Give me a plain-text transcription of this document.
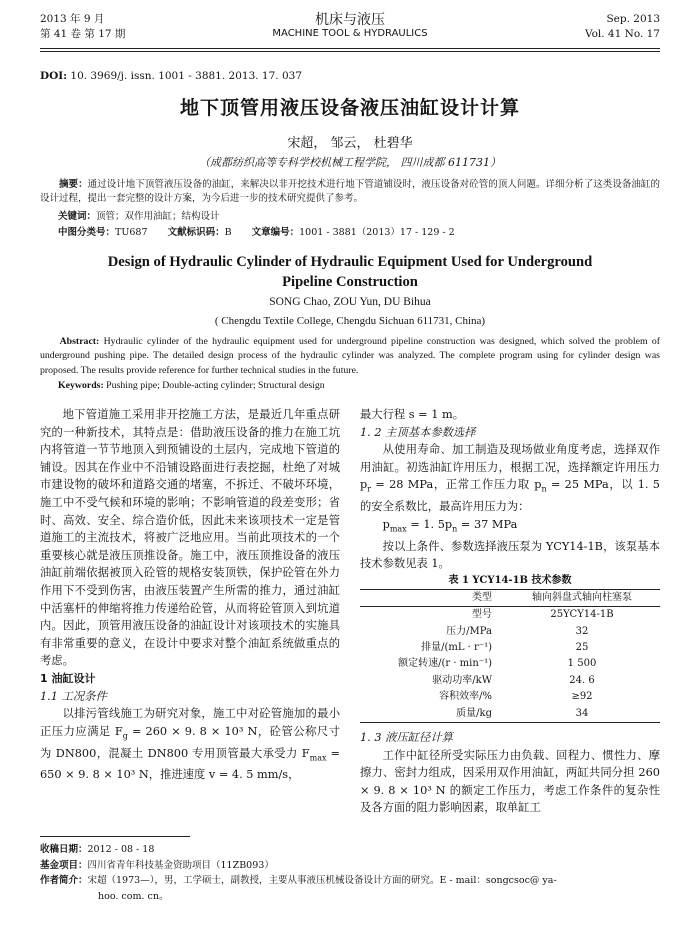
2013 年 9 月
第 41 卷 第 17 期
机床与液压
MACHINE TOOL & HYDRAULICS
Sep. 2013
Vol. 41 No. 17
DOI: 10. 3969/j. issn. 1001 - 3881. 2013. 17. 037
地下顶管用液压设备液压油缸设计计算
宋超， 邹云， 杜碧华
（成都纺织高等专科学校机械工程学院， 四川成都 611731）
摘要：通过设计地下顶管液压设备的油缸，来解决以非开挖技术进行地下管道铺设时，液压设备对砼管的顶人问题。详细分析了这类设备油缸的设计过程，提出一套完整的设计方案，为今后进一步的技术研究提供了参考。
关键词：顶管；双作用油缸；结构设计
中图分类号：TU687 文献标识码：B 文章编号：1001 - 3881（2013）17 - 129 - 2
Design of Hydraulic Cylinder of Hydraulic Equipment Used for Underground
Pipeline Construction
SONG Chao, ZOU Yun, DU Bihua
( Chengdu Textile College, Chengdu Sichuan 611731, China)
Abstract: Hydraulic cylinder of the hydraulic equipment used for underground pipeline construction was designed, which solved the problem of underground pushing pipe. The detailed design process of the hydraulic cylinder was analyzed. The complete program using for cylinder design was proposed. The results provide reference for further technical studies in the future.
Keywords: Pushing pipe; Double-acting cylinder; Structural design

地下管道施工采用非开挖施工方法，是最近几年重点研究的一种新技术，其特点是：借助液压设备的推力在施工坑内将管道一节节地顶入到预铺设的土层内，完成地下管道的铺设。因其在作业中不沿铺设路面进行表挖掘，杜绝了对城市建设物的破坏和道路交通的堵塞，不拆迁、不破坏环境，施工中不受气候和环境的影响；不影响管道的段差变形；省时、高效、安全、综合造价低，因此未来该项技术一定是管道施工的主流技术，将被广泛地应用。当前此项技术的一个重要核心就是液压顶推设备。施工中，液压顶推设备的液压油缸前端依据被顶入砼管的规格安装顶铁，保护砼管在外力作用下不受到伤害，由液压装置产生所需的推力，通过油缸中活塞杆的伸缩将推力传递给砼管，从而将砼管顶入到坑道内。因此，顶管用液压设备的油缸设计对该项技术的实施具有非常重要的意义，在设计中要求对整个油缸系统做重点的考虑。

1 油缸设计

1.1 工况条件

以排污管线施工为研究对象，施工中对砼管施加的最小正压力应满足 $F_g = 260 \times 9$. 8 × 10³ N，砼管公称尺寸为 DN800，混凝土 DN800 专用顶管最大承受力 $F_{max} = 650 \times 9$. 8 × 10³ N，推进速度 v = 4. 5 mm/s，

最大行程 s = 1 m。

1. 2 主顶基本参数选择

从使用寿命、加工制造及现场做业角度考虑，选择双作用油缸。初选油缸许用压力，根据工况，选择额定许用压力 $p_r = 28$ MPa，正常工作压力取 $p_n = 25$ MPa，以 1. 5 的安全系数比，最高许用压力为：

$p_{max} = 1$. $5p_n = 37$ MPa

按以上条件、参数选择液压泵为 YCY14-1B，该泵基本技术参数见表 1。

表 1 YCY14-1B 技术参数
类型	轴向斜盘式轴向柱塞泵
型号	25YCY14-1B
压力/MPa	32
排量/(mL · r⁻¹)	25
额定转速/(r · min⁻¹)	1 500
驱动功率/kW	24. 6
容积效率/%	≥92
质量/kg	34

1. 3 液压缸径计算

工作中缸径所受实际压力由负载、回程力、惯性力、摩擦力、密封力组成，因采用双作用油缸，两缸共同分担 260 × 9. 8 × 10³ N 的额定工作压力，考虑工作条件的复杂性及各方面的阻力影响因素，取单缸工

收稿日期：2012 - 08 - 18
基金项目：四川省青年科技基金资助项目（11ZB093）
作者简介：宋超（1973—），男，工学硕士，副教授，主要从事液压机械设备设计方面的研究。E - mail：songcsoc@ ya-
hoo. com. cn。
